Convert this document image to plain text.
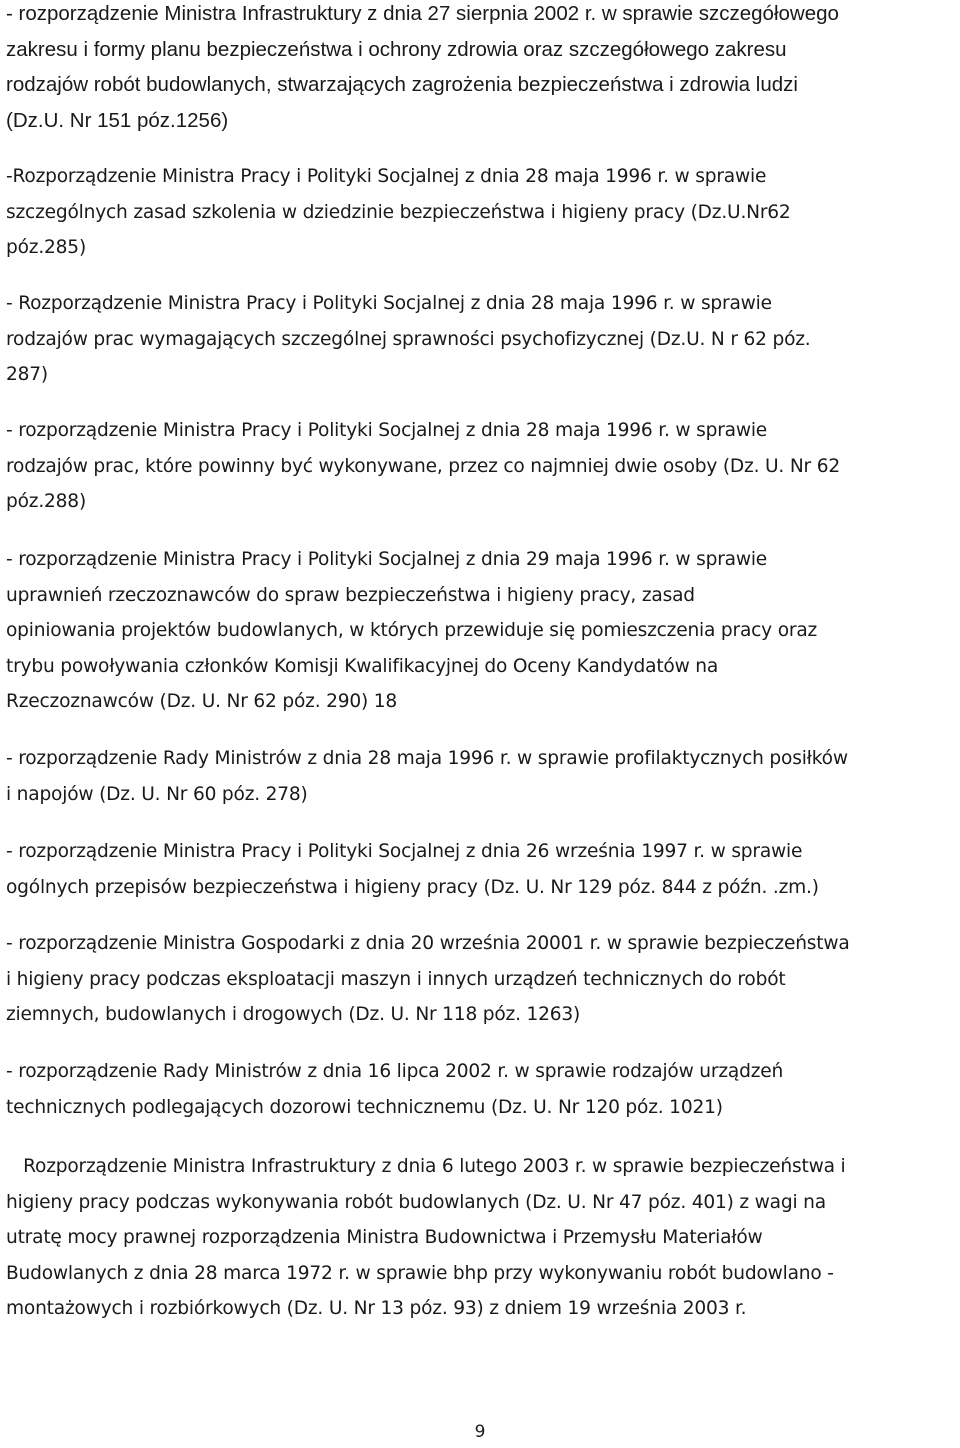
- rozporządzenie Ministra Infrastruktury z dnia 27 sierpnia 2002 r. w sprawie szczegółowego
zakresu i formy planu bezpieczeństwa i ochrony zdrowia oraz szczegółowego zakresu
rodzajów robót budowlanych, stwarzających zagrożenia bezpieczeństwa i zdrowia ludzi
(Dz.U. Nr 151 póz.1256)

-Rozporządzenie Ministra Pracy i Polityki Socjalnej z dnia 28 maja 1996 r. w sprawie
szczególnych zasad szkolenia w dziedzinie bezpieczeństwa i higieny pracy (Dz.U.Nr62
póz.285)

- Rozporządzenie Ministra Pracy i Polityki Socjalnej z dnia 28 maja 1996 r. w sprawie
rodzajów prac wymagających szczególnej sprawności psychofizycznej (Dz.U. N r 62 póz.
287)

- rozporządzenie Ministra Pracy i Polityki Socjalnej z dnia 28 maja 1996 r. w sprawie
rodzajów prac, które powinny być wykonywane, przez co najmniej dwie osoby (Dz. U. Nr 62
póz.288)

- rozporządzenie Ministra Pracy i Polityki Socjalnej z dnia 29 maja 1996 r. w sprawie
uprawnień rzeczoznawców do spraw bezpieczeństwa i higieny pracy, zasad
opiniowania projektów budowlanych, w których przewiduje się pomieszczenia pracy oraz
trybu powoływania członków Komisji Kwalifikacyjnej do Oceny Kandydatów na
Rzeczoznawców (Dz. U. Nr 62 póz. 290) 18

- rozporządzenie Rady Ministrów z dnia 28 maja 1996 r. w sprawie profilaktycznych posiłków
i napojów (Dz. U. Nr 60 póz. 278)

- rozporządzenie Ministra Pracy i Polityki Socjalnej z dnia 26 września 1997 r. w sprawie
ogólnych przepisów bezpieczeństwa i higieny pracy (Dz. U. Nr 129 póz. 844 z późn. .zm.)

- rozporządzenie Ministra Gospodarki z dnia 20 września 20001 r. w sprawie bezpieczeństwa
i higieny pracy podczas eksploatacji maszyn i innych urządzeń technicznych do robót
ziemnych, budowlanych i drogowych (Dz. U. Nr 118 póz. 1263)

- rozporządzenie Rady Ministrów z dnia 16 lipca 2002 r. w sprawie rodzajów urządzeń
technicznych podlegających dozorowi technicznemu (Dz. U. Nr 120 póz. 1021)

Rozporządzenie Ministra Infrastruktury z dnia 6 lutego 2003 r. w sprawie bezpieczeństwa i
higieny pracy podczas wykonywania robót budowlanych (Dz. U. Nr 47 póz. 401) z wagi na
utratę mocy prawnej rozporządzenia Ministra Budownictwa i Przemysłu Materiałów
Budowlanych z dnia 28 marca 1972 r. w sprawie bhp przy wykonywaniu robót budowlano -
montażowych i rozbiórkowych (Dz. U. Nr 13 póz. 93) z dniem 19 września 2003 r.

9
